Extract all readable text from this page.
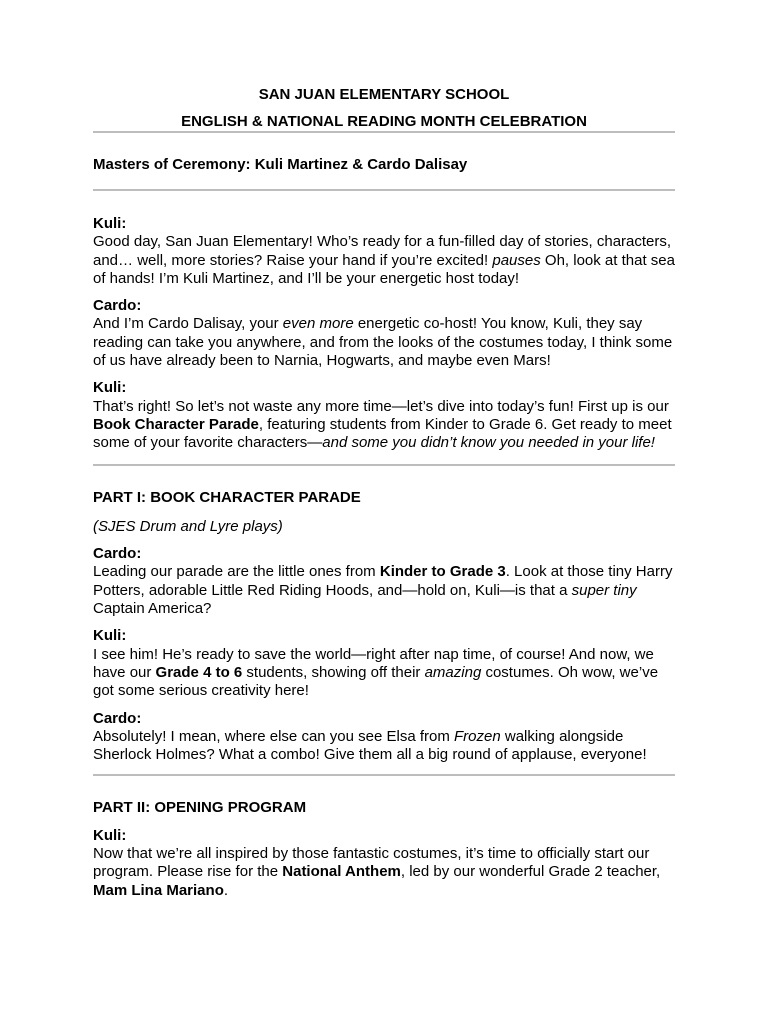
SAN JUAN ELEMENTARY SCHOOL

ENGLISH & NATIONAL READING MONTH CELEBRATION

Masters of Ceremony: Kuli Martinez & Cardo Dalisay

Kuli:

Good day, San Juan Elementary! Who’s ready for a fun-filled day of stories, characters, and… well, more stories? Raise your hand if you’re excited! pauses Oh, look at that sea of hands! I’m Kuli Martinez, and I’ll be your energetic host today!

Cardo:

And I’m Cardo Dalisay, your even more energetic co-host! You know, Kuli, they say reading can take you anywhere, and from the looks of the costumes today, I think some of us have already been to Narnia, Hogwarts, and maybe even Mars!

Kuli:

That’s right! So let’s not waste any more time—let’s dive into today’s fun! First up is our Book Character Parade, featuring students from Kinder to Grade 6. Get ready to meet some of your favorite characters—and some you didn’t know you needed in your life!

PART I: BOOK CHARACTER PARADE

(SJES Drum and Lyre plays)

Cardo:

Leading our parade are the little ones from Kinder to Grade 3. Look at those tiny Harry Potters, adorable Little Red Riding Hoods, and—hold on, Kuli—is that a super tiny Captain America?

Kuli:

I see him! He’s ready to save the world—right after nap time, of course! And now, we have our Grade 4 to 6 students, showing off their amazing costumes. Oh wow, we’ve got some serious creativity here!

Cardo:

Absolutely! I mean, where else can you see Elsa from Frozen walking alongside Sherlock Holmes? What a combo! Give them all a big round of applause, everyone!

PART II: OPENING PROGRAM

Kuli:

Now that we’re all inspired by those fantastic costumes, it’s time to officially start our program. Please rise for the National Anthem, led by our wonderful Grade 2 teacher, Mam Lina Mariano.
